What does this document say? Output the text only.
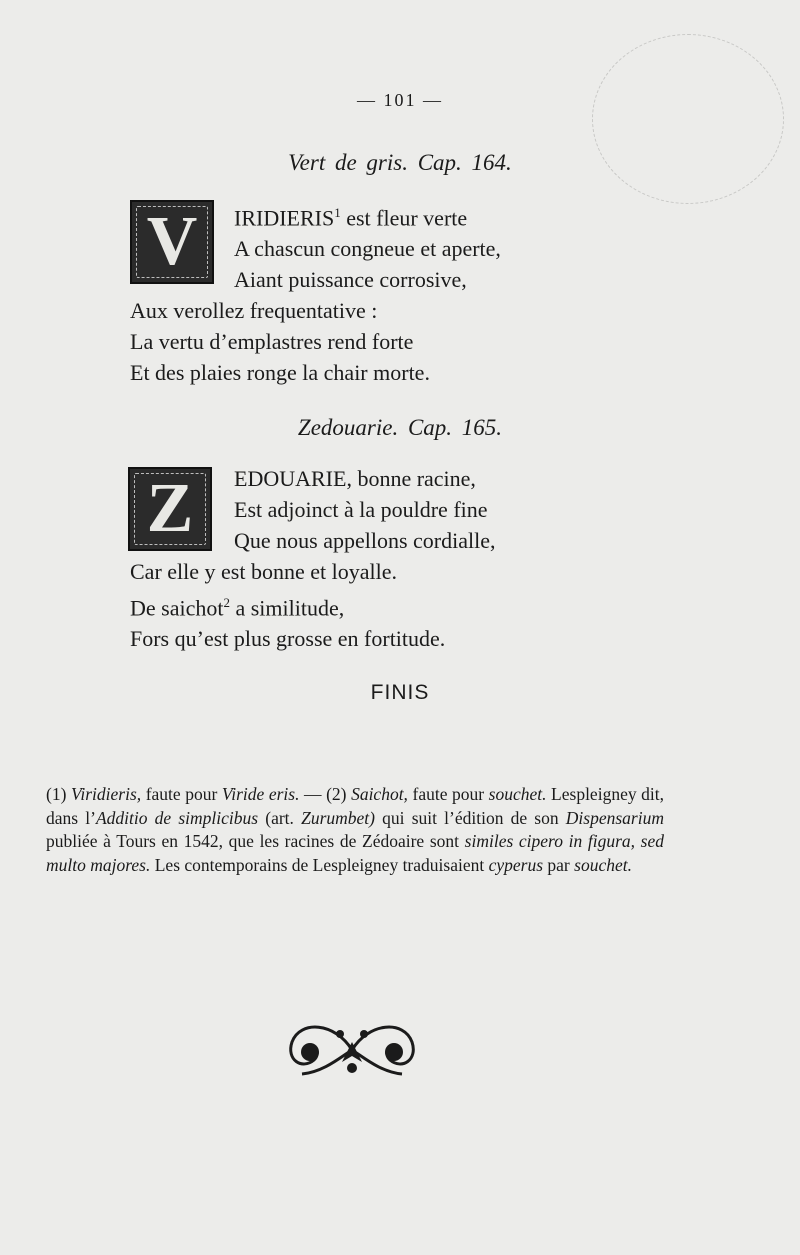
— 101 —
Vert de gris. Cap. 164.
V	IRIDIERIS$^1$ est fleur verte
A chascun congneue et aperte,
Aiant puissance corrosive,
Aux verollez frequentative :
La vertu d’emplastres rend forte
Et des plaies ronge la chair morte.
Zedouarie. Cap. 165.
Z	EDOUARIE, bonne racine,
Est adjoinct à la pouldre fine
Que nous appellons cordialle,
Car elle y est bonne et loyalle.
De saichot$^2$ a similitude,
Fors qu’est plus grosse en fortitude.
FINIS
(1) Viridieris, faute pour Viride eris. — (2) Saichot, faute pour souchet. Lespleigney dit, dans l’Additio de simplicibus (art. Zurumbet) qui suit l’édition de son Dispensarium publiée à Tours en 1542, que les racines de Zédoaire sont similes cipero in figura, sed multo majores. Les contemporains de Lespleigney traduisaient cyperus par souchet.
